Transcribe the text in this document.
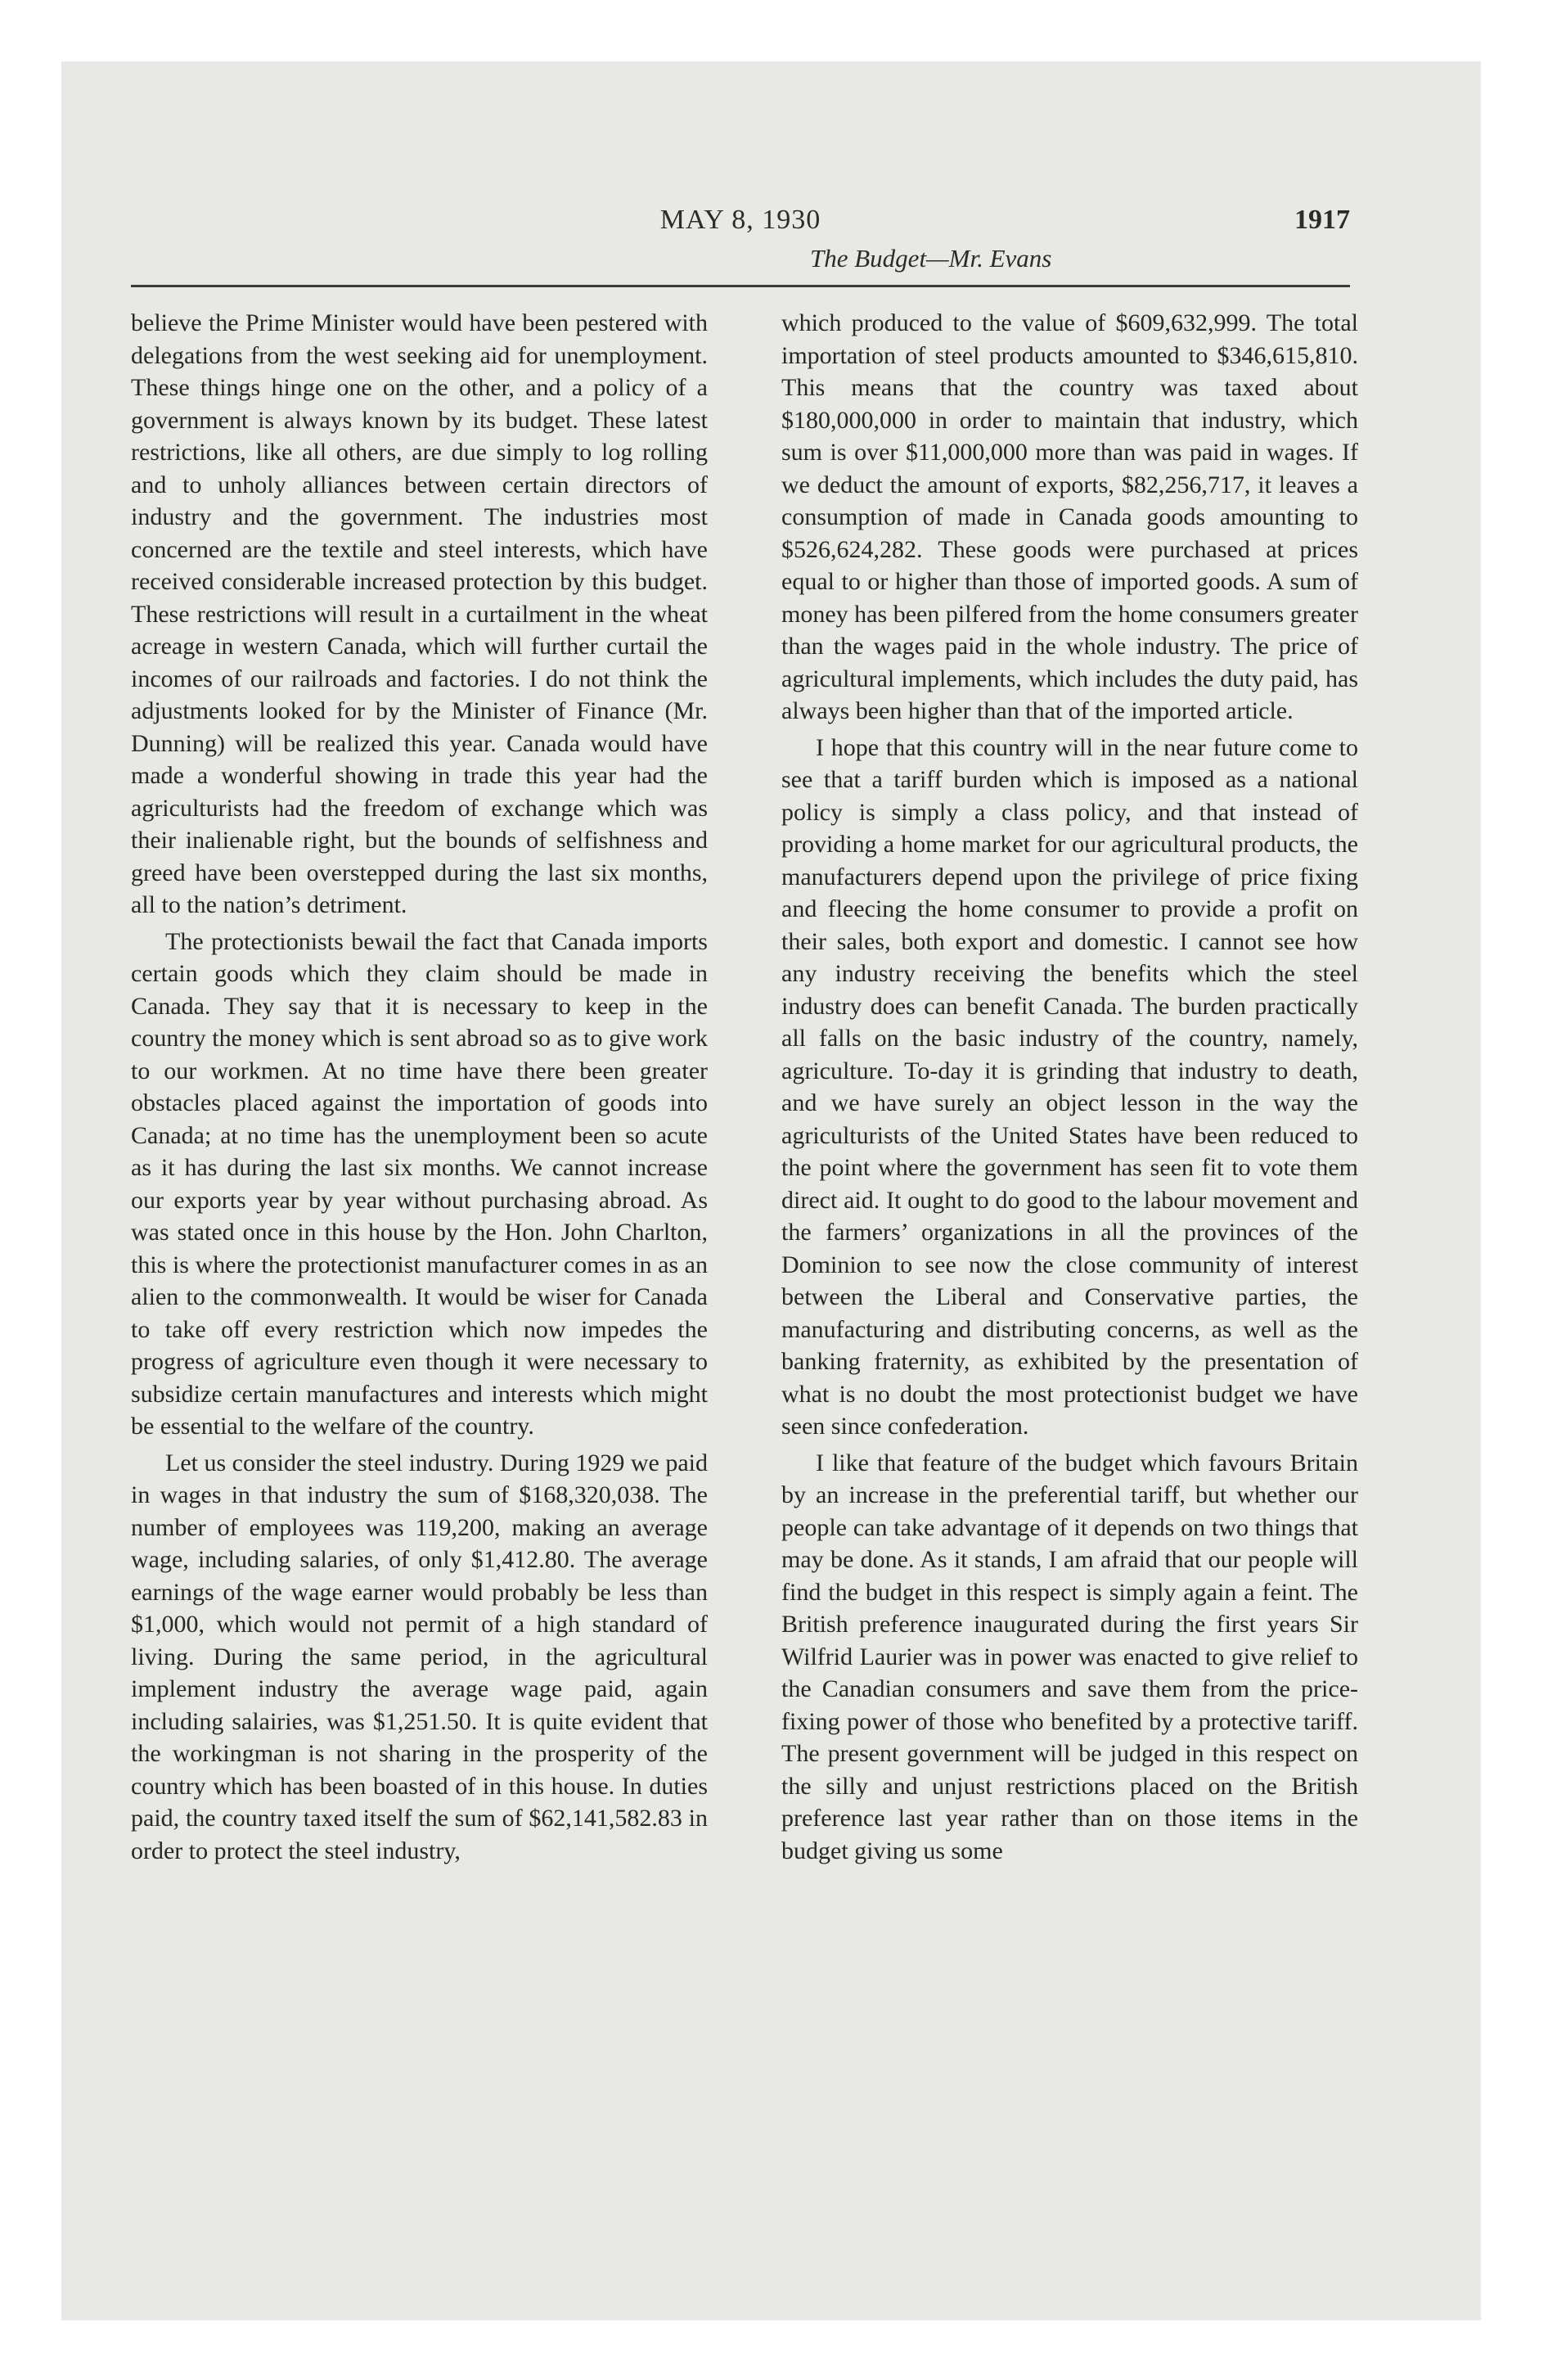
MAY 8, 1930	1917
The Budget—Mr. Evans

believe the Prime Minister would have been pestered with delegations from the west seeking aid for unemployment. These things hinge one on the other, and a policy of a government is always known by its budget. These latest restrictions, like all others, are due simply to log rolling and to unholy alliances between certain directors of industry and the government. The industries most concerned are the textile and steel interests, which have received considerable increased protection by this budget. These restrictions will result in a curtailment in the wheat acreage in western Canada, which will further curtail the incomes of our railroads and factories. I do not think the adjustments looked for by the Minister of Finance (Mr. Dunning) will be realized this year. Canada would have made a wonderful showing in trade this year had the agriculturists had the freedom of exchange which was their inalienable right, but the bounds of selfishness and greed have been overstepped during the last six months, all to the nation’s detriment.

The protectionists bewail the fact that Canada imports certain goods which they claim should be made in Canada. They say that it is necessary to keep in the country the money which is sent abroad so as to give work to our workmen. At no time have there been greater obstacles placed against the importation of goods into Canada; at no time has the unemployment been so acute as it has during the last six months. We cannot increase our exports year by year without purchasing abroad. As was stated once in this house by the Hon. John Charlton, this is where the protectionist manufacturer comes in as an alien to the commonwealth. It would be wiser for Canada to take off every restriction which now impedes the progress of agriculture even though it were necessary to subsidize certain manufactures and interests which might be essential to the welfare of the country.

Let us consider the steel industry. During 1929 we paid in wages in that industry the sum of $168,320,038. The number of employees was 119,200, making an average wage, including salaries, of only $1,412.80. The average earnings of the wage earner would probably be less than $1,000, which would not permit of a high standard of living. During the same period, in the agricultural implement industry the average wage paid, again including salairies, was $1,251.50. It is quite evident that the workingman is not sharing in the prosperity of the country which has been boasted of in this house. In duties paid, the country taxed itself the sum of $62,141,582.83 in order to protect the steel industry,

which produced to the value of $609,632,999. The total importation of steel products amounted to $346,615,810. This means that the country was taxed about $180,000,000 in order to maintain that industry, which sum is over $11,000,000 more than was paid in wages. If we deduct the amount of exports, $82,256,717, it leaves a consumption of made in Canada goods amounting to $526,624,282. These goods were purchased at prices equal to or higher than those of imported goods. A sum of money has been pilfered from the home consumers greater than the wages paid in the whole industry. The price of agricultural implements, which includes the duty paid, has always been higher than that of the imported article.

I hope that this country will in the near future come to see that a tariff burden which is imposed as a national policy is simply a class policy, and that instead of providing a home market for our agricultural products, the manufacturers depend upon the privilege of price fixing and fleecing the home consumer to provide a profit on their sales, both export and domestic. I cannot see how any industry receiving the benefits which the steel industry does can benefit Canada. The burden practically all falls on the basic industry of the country, namely, agriculture. To-day it is grinding that industry to death, and we have surely an object lesson in the way the agriculturists of the United States have been reduced to the point where the government has seen fit to vote them direct aid. It ought to do good to the labour movement and the farmers’ organizations in all the provinces of the Dominion to see now the close community of interest between the Liberal and Conservative parties, the manufacturing and distributing concerns, as well as the banking fraternity, as exhibited by the presentation of what is no doubt the most protectionist budget we have seen since confederation.

I like that feature of the budget which favours Britain by an increase in the preferential tariff, but whether our people can take advantage of it depends on two things that may be done. As it stands, I am afraid that our people will find the budget in this respect is simply again a feint. The British preference inaugurated during the first years Sir Wilfrid Laurier was in power was enacted to give relief to the Canadian consumers and save them from the price-fixing power of those who benefited by a protective tariff. The present government will be judged in this respect on the silly and unjust restrictions placed on the British preference last year rather than on those items in the budget giving us some
